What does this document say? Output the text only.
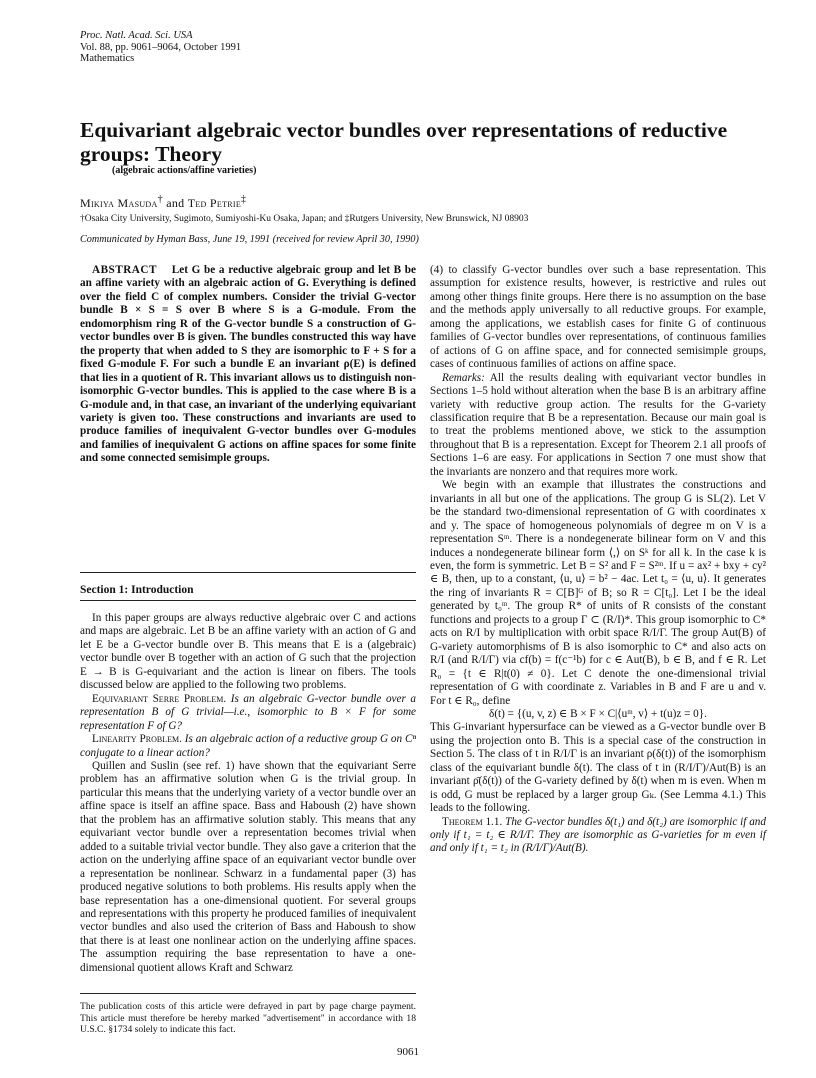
Proc. Natl. Acad. Sci. USA
Vol. 88, pp. 9061–9064, October 1991
Mathematics
Equivariant algebraic vector bundles over representations of reductive groups: Theory
(algebraic actions/affine varieties)
Mikiya Masuda† and Ted Petrie‡
†Osaka City University, Sugimoto, Sumiyoshi-Ku Osaka, Japan; and ‡Rutgers University, New Brunswick, NJ 08903
Communicated by Hyman Bass, June 19, 1991 (received for review April 30, 1990)
ABSTRACT Let G be a reductive algebraic group and let B be an affine variety with an algebraic action of G. Everything is defined over the field C of complex numbers. Consider the trivial G-vector bundle B × S = S over B where S is a G-module. From the endomorphism ring R of the G-vector bundle S a construction of G-vector bundles over B is given. The bundles constructed this way have the property that when added to S they are isomorphic to F + S for a fixed G-module F. For such a bundle E an invariant ρ(E) is defined that lies in a quotient of R. This invariant allows us to distinguish non-isomorphic G-vector bundles. This is applied to the case where B is a G-module and, in that case, an invariant of the underlying equivariant variety is given too. These constructions and invariants are used to produce families of inequivalent G-vector bundles over G-modules and families of inequivalent G actions on affine spaces for some finite and some connected semisimple groups.
Section 1: Introduction

In this paper groups are always reductive algebraic over C and actions and maps are algebraic. Let B be an affine variety with an action of G and let E be a G-vector bundle over B. This means that E is a (algebraic) vector bundle over B together with an action of G such that the projection E → B is G-equivariant and the action is linear on fibers. The tools discussed below are applied to the following two problems.

Equivariant Serre Problem. Is an algebraic G-vector bundle over a representation B of G trivial—i.e., isomorphic to B × F for some representation F of G?

Linearity Problem. Is an algebraic action of a reductive group G on Cⁿ conjugate to a linear action?

Quillen and Suslin (see ref. 1) have shown that the equivariant Serre problem has an affirmative solution when G is the trivial group. In particular this means that the underlying variety of a vector bundle over an affine space is itself an affine space. Bass and Haboush (2) have shown that the problem has an affirmative solution stably. This means that any equivariant vector bundle over a representation becomes trivial when added to a suitable trivial vector bundle. They also gave a criterion that the action on the underlying affine space of an equivariant vector bundle over a representation be nonlinear. Schwarz in a fundamental paper (3) has produced negative solutions to both problems. His results apply when the base representation has a one-dimensional quotient. For several groups and representations with this property he produced families of inequivalent vector bundles and also used the criterion of Bass and Haboush to show that there is at least one nonlinear action on the underlying affine spaces. The assumption requiring the base representation to have a one-dimensional quotient allows Kraft and Schwarz

(4) to classify G-vector bundles over such a base representation. This assumption for existence results, however, is restrictive and rules out among other things finite groups. Here there is no assumption on the base and the methods apply universally to all reductive groups. For example, among the applications, we establish cases for finite G of continuous families of G-vector bundles over representations, of continuous families of actions of G on affine space, and for connected semisimple groups, cases of continuous families of actions on affine space.

Remarks: All the results dealing with equivariant vector bundles in Sections 1–5 hold without alteration when the base B is an arbitrary affine variety with reductive group action. The results for the G-variety classification require that B be a representation. Because our main goal is to treat the problems mentioned above, we stick to the assumption throughout that B is a representation. Except for Theorem 2.1 all proofs of Sections 1–6 are easy. For applications in Section 7 one must show that the invariants are nonzero and that requires more work.

We begin with an example that illustrates the constructions and invariants in all but one of the applications. The group G is SL(2). Let V be the standard two-dimensional representation of G with coordinates x and y. The space of homogeneous polynomials of degree m on V is a representation Sᵐ. There is a nondegenerate bilinear form on V and this induces a nondegenerate bilinear form ⟨,⟩ on Sᵏ for all k. In the case k is even, the form is symmetric. Let B = S² and F = S²ᵐ. If u = ax² + bxy + cy² ∈ B, then, up to a constant, ⟨u, u⟩ = b² − 4ac. Let t₀ = ⟨u, u⟩. It generates the ring of invariants R = C[B]ᴳ of B; so R = C[t₀]. Let I be the ideal generated by t₀ᵐ. The group R* of units of R consists of the constant functions and projects to a group Γ ⊂ (R/I)*. This group isomorphic to C* acts on R/I by multiplication with orbit space R/I/Γ. The group Aut(B) of G-variety automorphisms of B is also isomorphic to C* and also acts on R/I (and R/I/Γ) via cf(b) = f(c⁻¹b) for c ∈ Aut(B), b ∈ B, and f ∈ R. Let R₀ = {t ∈ R|t(0) ≠ 0}. Let C denote the one-dimensional trivial representation of G with coordinate z. Variables in B and F are u and v. For t ∈ R₀, define

δ(t) = {(u, v, z) ∈ B × F × C|⟨uᵐ, v⟩ + t(u)z = 0}.

This G-invariant hypersurface can be viewed as a G-vector bundle over B using the projection onto B. This is a special case of the construction in Section 5. The class of t in R/I/Γ is an invariant ρ(δ(t)) of the isomorphism class of the equivariant bundle δ(t). The class of t in (R/I/Γ)/Aut(B) is an invariant ρ̄(δ(t)) of the G-variety defined by δ(t) when m is even. When m is odd, G must be replaced by a larger group Gₖ. (See Lemma 4.1.) This leads to the following.

Theorem 1.1. The G-vector bundles δ(t₁) and δ(t₂) are isomorphic if and only if t₁ = t₂ ∈ R/I/Γ. They are isomorphic as G-varieties for m even if and only if t₁ = t₂ in (R/I/Γ)/Aut(B).

The publication costs of this article were defrayed in part by page charge payment. This article must therefore be hereby marked "advertisement" in accordance with 18 U.S.C. §1734 solely to indicate this fact.
9061
